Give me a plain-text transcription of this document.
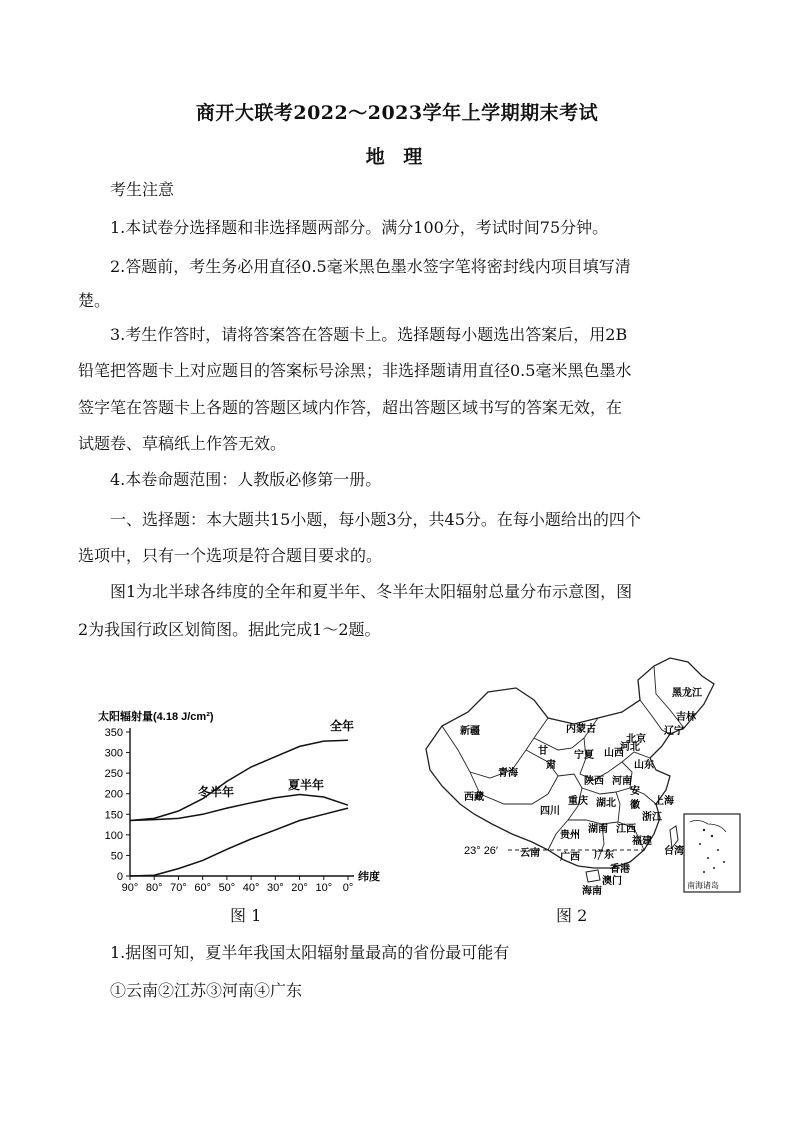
商开大联考2022～2023学年上学期期末考试
地 理
考生注意
1.本试卷分选择题和非选择题两部分。满分100分，考试时间75分钟。
2.答题前，考生务必用直径0.5毫米黑色墨水签字笔将密封线内项目填写清
楚。
3.考生作答时，请将答案答在答题卡上。选择题每小题选出答案后，用2B
铅笔把答题卡上对应题目的答案标号涂黑；非选择题请用直径0.5毫米黑色墨水
签字笔在答题卡上各题的答题区域内作答，超出答题区域书写的答案无效，在
试题卷、草稿纸上作答无效。
4.本卷命题范围：人教版必修第一册。
一、选择题：本大题共15小题，每小题3分，共45分。在每小题给出的四个
选项中，只有一个选项是符合题目要求的。
图1为北半球各纬度的全年和夏半年、冬半年太阳辐射总量分布示意图，图
2为我国行政区划简图。据此完成1～2题。
太阳辐射量(4.18 J/cm²)
0
50
100
150
200
250
300
350
90° 80° 70° 60° 50° 40° 30° 20° 10° 0°
纬度
全年
夏半年
冬半年
图 1
23° 26′
南海诸岛
新疆
西藏
青海
甘
内蒙古
黑龙江
吉林
辽宁
北京
山西
山东
河北
宁夏
肃
陕西 河南
四川
湖北
安
徽 上海
重庆
湖南 江西
浙江
贵州
云南 广西
福建
广东	台湾
香港
澳门
海南
图 2
1.据图可知，夏半年我国太阳辐射量最高的省份最可能有
①云南②江苏③河南④广东
